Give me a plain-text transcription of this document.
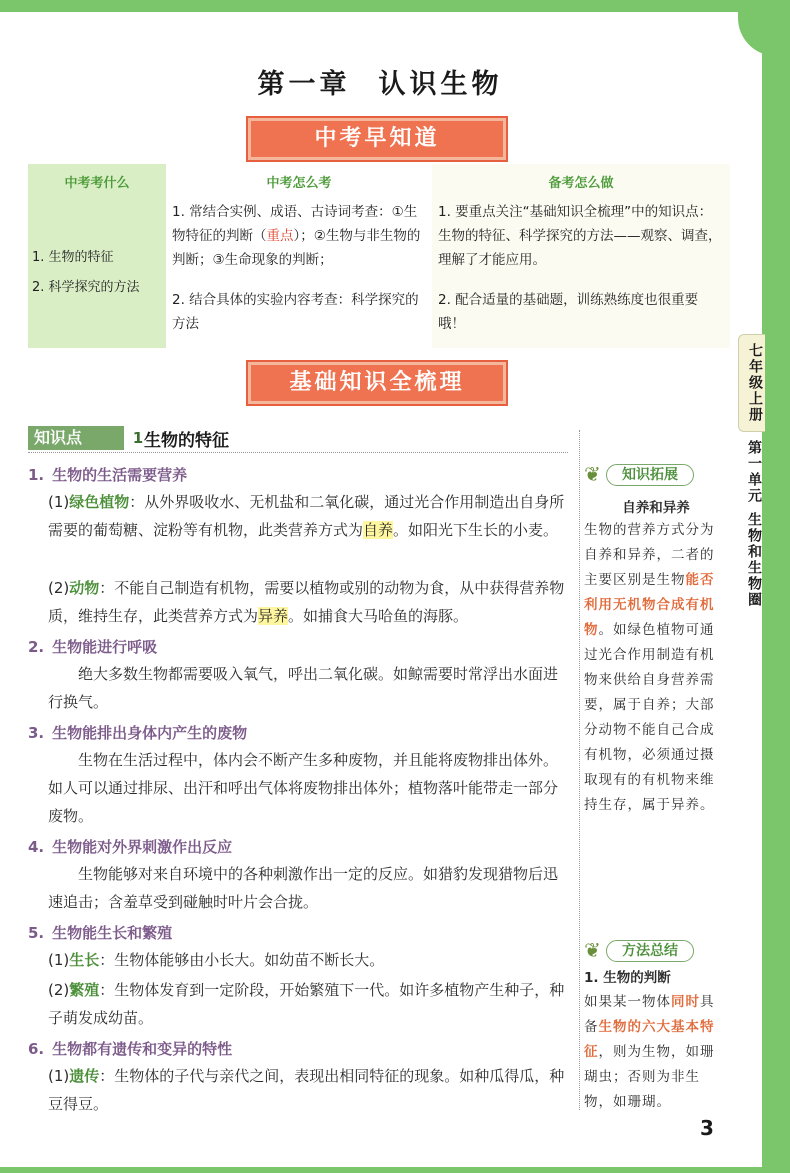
第一章 认识生物
中考早知道
中考考什么
1. 生物的特征
2. 科学探究的方法
中考怎么考
1. 常结合实例、成语、古诗词考查：①生物特征的判断（重点）；②生物与非生物的判断；③生命现象的判断；
2. 结合具体的实验内容考查：科学探究的方法
备考怎么做
1. 要重点关注“基础知识全梳理”中的知识点：生物的特征、科学探究的方法——观察、调查，理解了才能应用。
2. 配合适量的基础题，训练熟练度也很重要哦！
基础知识全梳理
知识点	1 生物的特征
1. 生物的生活需要营养
(1)绿色植物：从外界吸收水、无机盐和二氧化碳，通过光合作用制造出自身所需要的葡萄糖、淀粉等有机物，此类营养方式为自养。如阳光下生长的小麦。
(2)动物：不能自己制造有机物，需要以植物或别的动物为食，从中获得营养物质，维持生存，此类营养方式为异养。如捕食大马哈鱼的海豚。
2. 生物能进行呼吸
绝大多数生物都需要吸入氧气，呼出二氧化碳。如鲸需要时常浮出水面进行换气。
3. 生物能排出身体内产生的废物
生物在生活过程中，体内会不断产生多种废物，并且能将废物排出体外。如人可以通过排尿、出汗和呼出气体将废物排出体外；植物落叶能带走一部分废物。
4. 生物能对外界刺激作出反应
生物能够对来自环境中的各种刺激作出一定的反应。如猎豹发现猎物后迅速追击；含羞草受到碰触时叶片会合拢。
5. 生物能生长和繁殖
(1)生长：生物体能够由小长大。如幼苗不断长大。
(2)繁殖：生物体发育到一定阶段，开始繁殖下一代。如许多植物产生种子，种子萌发成幼苗。
6. 生物都有遗传和变异的特性
(1)遗传：生物体的子代与亲代之间，表现出相同特征的现象。如种瓜得瓜，种豆得豆。
❦	知识拓展
自养和异养
生物的营养方式分为自养和异养，二者的主要区别是生物能否利用无机物合成有机物。如绿色植物可通过光合作用制造有机物来供给自身营养需要，属于自养；大部分动物不能自己合成有机物，必须通过摄取现有的有机物来维持生存，属于异养。
❦	方法总结
1. 生物的判断
如果某一物体同时具备生物的六大基本特征，则为生物，如珊瑚虫；否则为非生物，如珊瑚。
七年级上册
第一单元
生物和生物圈
3
